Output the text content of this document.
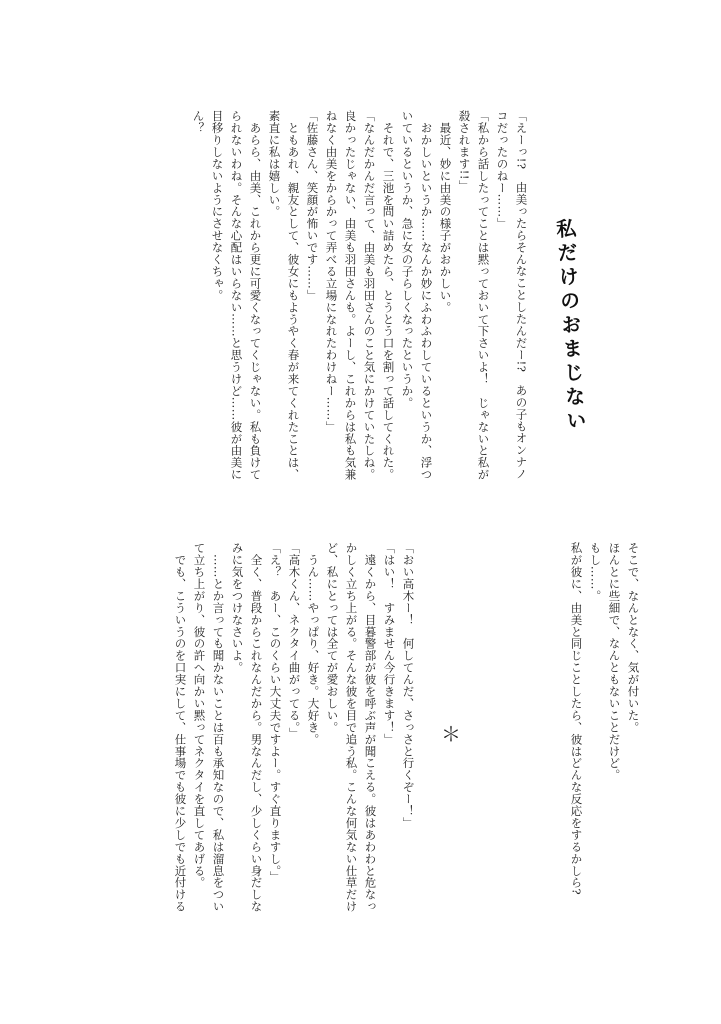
私だけのおまじない
「えーっ!?　由美ったらそんなことしたんだー!?　あの子もオンナノ
コだったのねー……」
「私から話したってことは黙っておいて下さいよ！　じゃないと私が
殺されます!!」
　最近、妙に由美の様子がおかしい。
　おかしいというか……なんか妙にふわふわしているというか、浮つ
いているというか、急に女の子らしくなったというか。
　それで、三池を問い詰めたら、とうとう口を割って話してくれた。
「なんだかんだ言って、由美も羽田さんのこと気にかけていたしね。
良かったじゃない、由美も羽田さんも。よーし、これからは私も気兼
ねなく由美をからかって弄べる立場になれたわけねー……」
「佐藤さん、笑顔が怖いです……」
　ともあれ、親友として、彼女にもようやく春が来てくれたことは、
素直に私は嬉しい。
　あらら、由美、これから更に可愛くなってくじゃない。私も負けて
られないわね。そんな心配はいらない……と思うけど……彼が由美に
目移りしないようにさせなくちゃ。
ん？
＊
そこで、なんとなく、気が付いた。
ほんとに些細で、なんともないことだけど。
もし……。
私が彼に、由美と同じことしたら、彼はどんな反応をするかしら?
「おい高木ー！　何してんだ、さっさと行くぞー！」
「はい！　すみません今行きます！」
　遠くから、目暮警部が彼を呼ぶ声が聞こえる。彼はあわわと危なっ
かしく立ち上がる。そんな彼を目で追う私。こんな何気ない仕草だけ
ど、私にとっては全てが愛おしい。
　うん……やっぱり、好き。大好き。
「高木くん、ネクタイ曲がってる。」
「え？　あー、このくらい大丈夫ですよー。すぐ直りますし。」
　全く、普段からこれなんだから。男なんだし、少しくらい身だしな
みに気をつけなさいよ。
　……とか言っても聞かないことは百も承知なので、私は溜息をつい
て立ち上がり、彼の許へ向かい黙ってネクタイを直してあげる。
　でも、こういうのを口実にして、仕事場でも彼に少しでも近付ける
